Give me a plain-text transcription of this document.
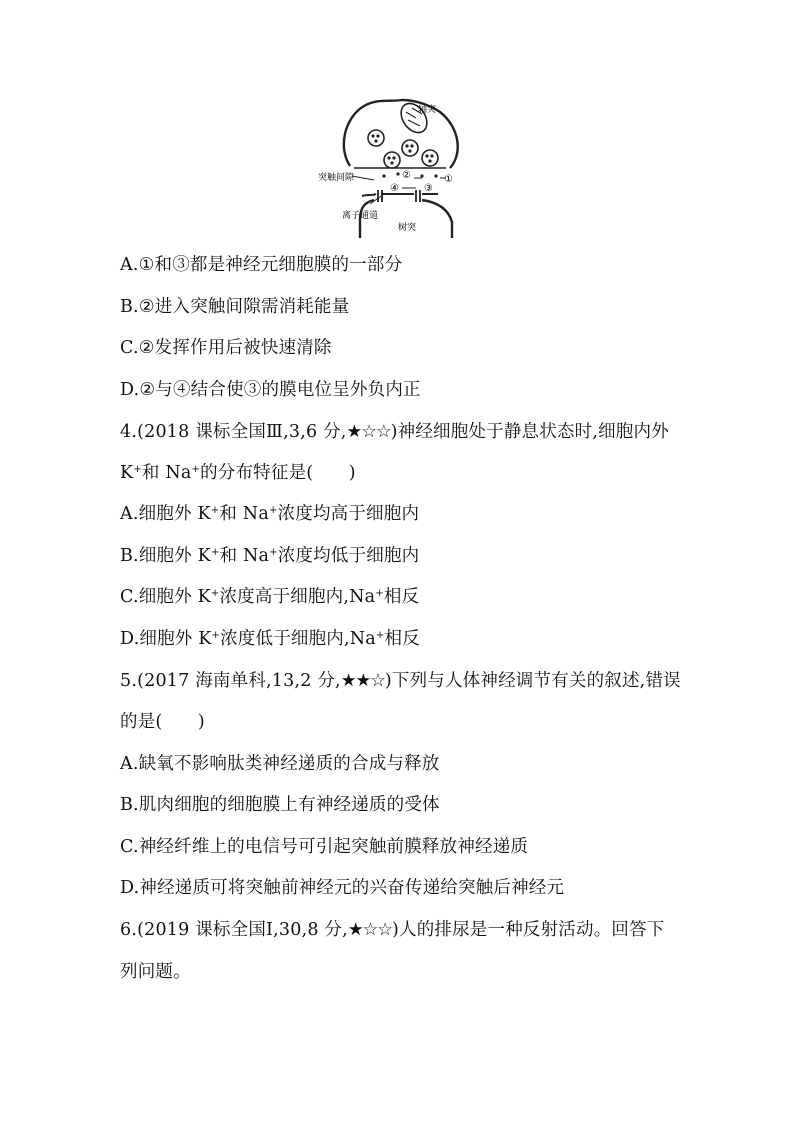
轴突
突触间隙	②	①
④	③
离子通道
树突
A.①和③都是神经元细胞膜的一部分
B.②进入突触间隙需消耗能量
C.②发挥作用后被快速清除
D.②与④结合使③的膜电位呈外负内正
4.(2018 课标全国Ⅲ,3,6 分,★☆☆)神经细胞处于静息状态时,细胞内外
K+和 Na+的分布特征是(　　)
A.细胞外 K+和 Na+浓度均高于细胞内
B.细胞外 K+和 Na+浓度均低于细胞内
C.细胞外 K+浓度高于细胞内,Na+相反
D.细胞外 K+浓度低于细胞内,Na+相反
5.(2017 海南单科,13,2 分,★★☆)下列与人体神经调节有关的叙述,错误
的是(　　)
A.缺氧不影响肽类神经递质的合成与释放
B.肌肉细胞的细胞膜上有神经递质的受体
C.神经纤维上的电信号可引起突触前膜释放神经递质
D.神经递质可将突触前神经元的兴奋传递给突触后神经元
6.(2019 课标全国Ⅰ,30,8 分,★☆☆)人的排尿是一种反射活动。回答下
列问题。
